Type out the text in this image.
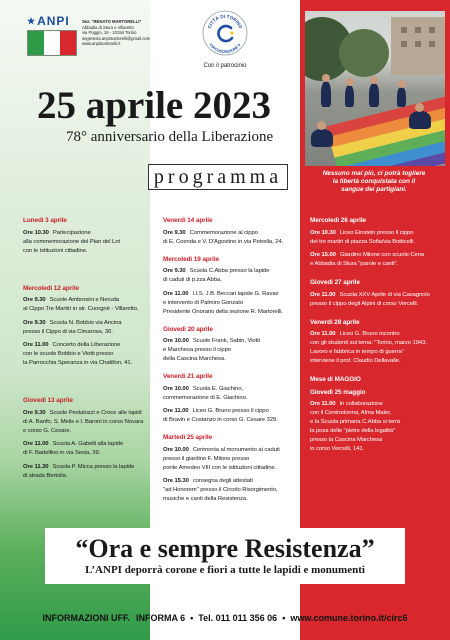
★ANPI	Sez. "RENATO MARTORELLI"
Abbadia di Stura e Villaretto
via Poggio, 16 - 10156 Torino
segreteria.anpimartorelli@gmail.com
www.anpimartorelli.it
CITTÀ DI TORINO
CIRCOSCRIZIONE 6
Con il patrocinio
Nessuno mai più, ci potrà togliere
la libertà conquistata con il
sangue dei partigiani.
25 aprile 2023
78° anniversario della Liberazione
programma
Lunedì 3 aprile
Ore 10.30 Partecipazione
alla commemorazione del Pian del Lot
con le istituzioni cittadine.
Mercoledì 12 aprile
Ore 9.30 Scuole Ambrosini e Neruda
al Cippo Tre Martiri in str. Cuorgnè - Villaretto.
Ore 9.30 Scuola N. Bobbio via Ancina
presso il Cippo di via Cimarosa, 30.
Ore 11.00 Concerto della Liberazione
con le scuole Bobbio e Viotti presso
la Parrocchia Speranza in via Chatillon, 41.
Giovedì 13 aprile
Ore 9.30 Scuole Pestalozzi e Croce alle lapidi
di A. Banfo, S. Melis e I. Baroni in corso Novara
e corso G. Cesare.
Ore 11.00 Scuola A. Gabelli alla lapide
di F. Badellino in via Sesia, 39.
Ore 11.30 Scuola P. Micca presso la lapide
di strada Bertolla.
Venerdì 14 aprile
Ore 9.30 Commemorazione al cippo
di E. Coenda e V. D'Agostino in via Petrella, 24.
Mercoledì 19 aprile
Ore 9.30 Scuola C.Abba presso la lapide
di caduti di p.zza Abba.
Ore 11.00 I.I.S. J.B. Beccari lapide G. Ravaz
e intervento di Palmiro Gonzato
Presidente Onorario della sezione R. Martorelli.
Giovedì 20 aprile
Ore 10.00 Scuole Frank, Sabin, Viotti
e Marchesa presso il cippo
della Cascina Marchesa.
Venerdì 21 aprile
Ore 10.00 Scuola E. Giachino,
commemorazione di E. Giachino.
Ore 11.00 Liceo G. Bruno presso il cippo
di Bravin e Costanzo in corso G. Cesare 329.
Martedì 25 aprile
Ore 10.00 Cerimonia al monumento ai caduti
presso il giardino F. Milone presso
ponte Amedeo VIII con le istituzioni cittadine.
Ore 15.30 consegna degli attestati
"ad Honorem" presso il Circolo Risorgimento,
musiche e canti della Resistenza.
Mercoledì 26 aprile
Ore 10.30 Liceo Einstein presso il cippo
dei tre martiri di piazza Sofia/via Botticelli.
Ore 15.00 Giardino Milone con scuole Cena
e Abbadia di Stura "parole e canti".
Giovedì 27 aprile
Ore 11.00 Scuola XXV Aprile di via Cavagnolo
presso il cippo degli Alpini di corso Vercelli.
Venerdì 28 aprile
Ore 11.00 Liceo G. Bruno incontro
con gli studenti sul tema: "Torino, marzo 1943.
Lavoro e fabbrica in tempo di guerra"
interviene il prof. Claudio Dellavalle.
Mese di MAGGIO
Giovedì 25 maggio
Ore 11.00 In collaborazione
con il Centrodonna, Alma Mater,
e la Scuola primaria C.Abba si terrà
la posa delle "pietre della legalità"
presso la Cascina Marchesa
in corso Vercelli, 141.
“Ora e sempre Resistenza”
L’ANPI deporrà corone e fiori a tutte le lapidi e monumenti
INFORMAZIONI UFF. INFORMA 6 • Tel. 011 011 356 06 • www.comune.torino.it/circ6
